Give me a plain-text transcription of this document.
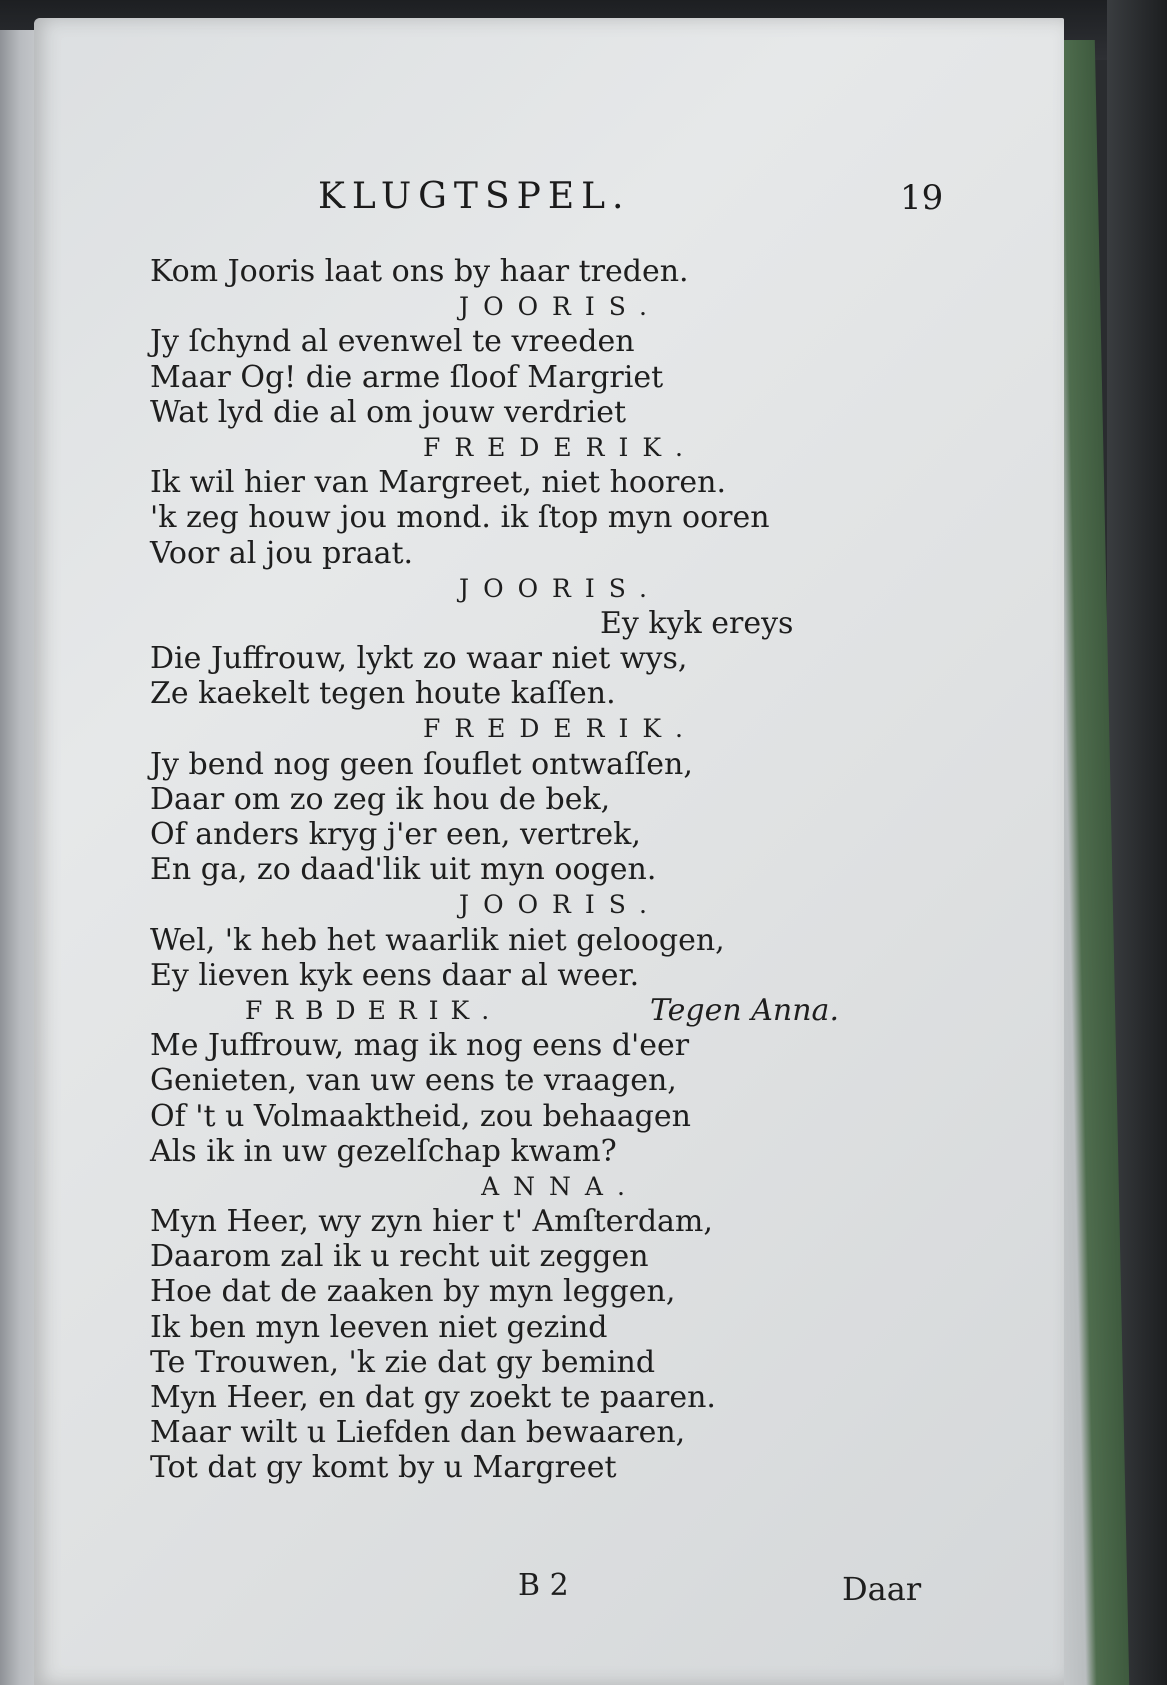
KLUGTSPEL.	19
Kom Jooris laat ons by haar treden.
JOORIS.
Jy ſchynd al evenwel te vreeden
Maar Og! die arme ſloof Margriet
Wat lyd die al om jouw verdriet
FREDERIK.
Ik wil hier van Margreet, niet hooren.
'k zeg houw jou mond. ik ſtop myn ooren
Voor al jou praat.
JOORIS.
Ey kyk ereys
Die Juffrouw, lykt zo waar niet wys,
Ze kaekelt tegen houte kaſſen.
FREDERIK.
Jy bend nog geen ſouflet ontwaſſen,
Daar om zo zeg ik hou de bek,
Of anders kryg j'er een, vertrek,
En ga, zo daad'lik uit myn oogen.
JOORIS.
Wel, 'k heb het waarlik niet geloogen,
Ey lieven kyk eens daar al weer.
FRBDERIK.	Tegen Anna.
Me Juffrouw, mag ik nog eens d'eer
Genieten, van uw eens te vraagen,
Of 't u Volmaaktheid, zou behaagen
Als ik in uw gezelſchap kwam?
ANNA.
Myn Heer, wy zyn hier t' Amſterdam,
Daarom zal ik u recht uit zeggen
Hoe dat de zaaken by myn leggen,
Ik ben myn leeven niet gezind
Te Trouwen, 'k zie dat gy bemind
Myn Heer, en dat gy zoekt te paaren.
Maar wilt u Liefden dan bewaaren,
Tot dat gy komt by u Margreet
B 2	Daar
